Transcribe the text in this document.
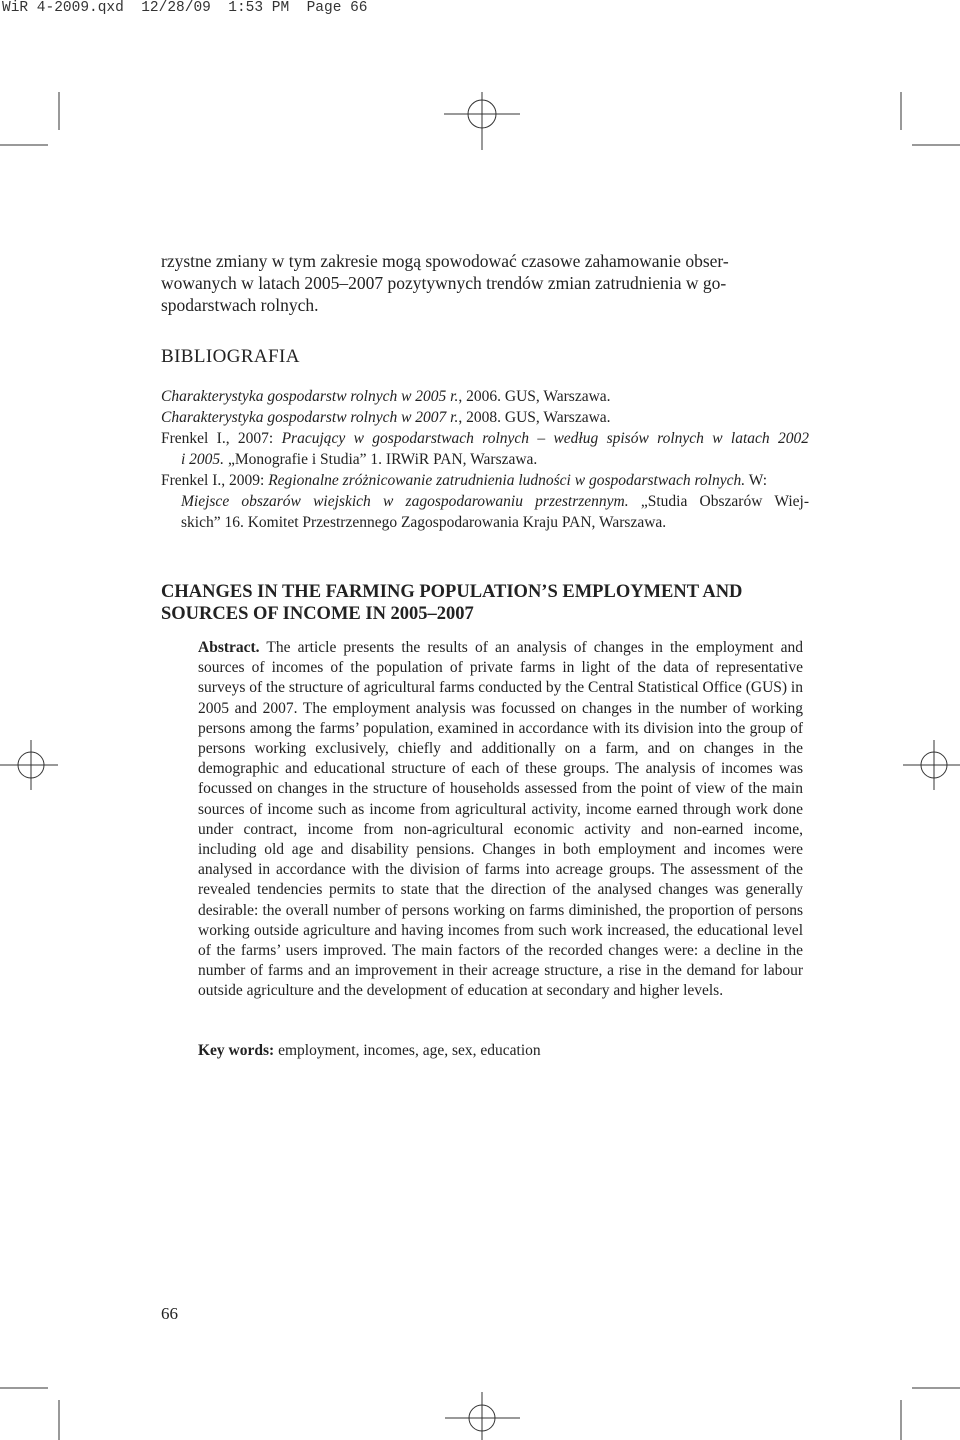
WiR 4-2009.qxd 12/28/09 1:53 PM Page 66
rzystne zmiany w tym zakresie mogą spowodować czasowe zahamowanie obser-
wowanych w latach 2005–2007 pozytywnych trendów zmian zatrudnienia w go-
spodarstwach rolnych.
BIBLIOGRAFIA

Charakterystyka gospodarstw rolnych w 2005 r., 2006. GUS, Warszawa.

Charakterystyka gospodarstw rolnych w 2007 r., 2008. GUS, Warszawa.

Frenkel I., 2007: Pracujący w gospodarstwach rolnych – według spisów rolnych w latach 2002

i 2005. „Monografie i Studia” 1. IRWiR PAN, Warszawa.

Frenkel I., 2009: Regionalne zróżnicowanie zatrudnienia ludności w gospodarstwach rolnych. W:

Miejsce obszarów wiejskich w zagospodarowaniu przestrzennym. „Studia Obszarów Wiej-

skich” 16. Komitet Przestrzennego Zagospodarowania Kraju PAN, Warszawa.

CHANGES IN THE FARMING POPULATION’S EMPLOYMENT AND
SOURCES OF INCOME IN 2005–2007
Abstract. The article presents the results of an analysis of changes in the employment and sources of incomes of the population of private farms in light of the data of representative surveys of the structure of agricultural farms conducted by the Central Statistical Office (GUS) in 2005 and 2007. The employment analysis was focussed on changes in the number of working persons among the farms’ population, examined in accordance with its division into the group of persons working exclusively, chiefly and additionally on a farm, and on changes in the demographic and educational structure of each of these groups. The analysis of incomes was focussed on changes in the structure of households assessed from the point of view of the main sources of income such as income from agricultural activity, income earned through work done under contract, income from non-agricultural economic activity and non-earned income, including old age and disability pensions. Changes in both employment and incomes were analysed in accordance with the division of farms into acreage groups. The assessment of the revealed tendencies permits to state that the direction of the analysed changes was generally desirable: the overall number of persons working on farms diminished, the proportion of persons working outside agriculture and having incomes from such work increased, the educational level of the farms’ users improved. The main factors of the recorded changes were: a decline in the number of farms and an improvement in their acreage structure, a rise in the demand for labour outside agriculture and the development of education at secondary and higher levels.
Key words: employment, incomes, age, sex, education
66
